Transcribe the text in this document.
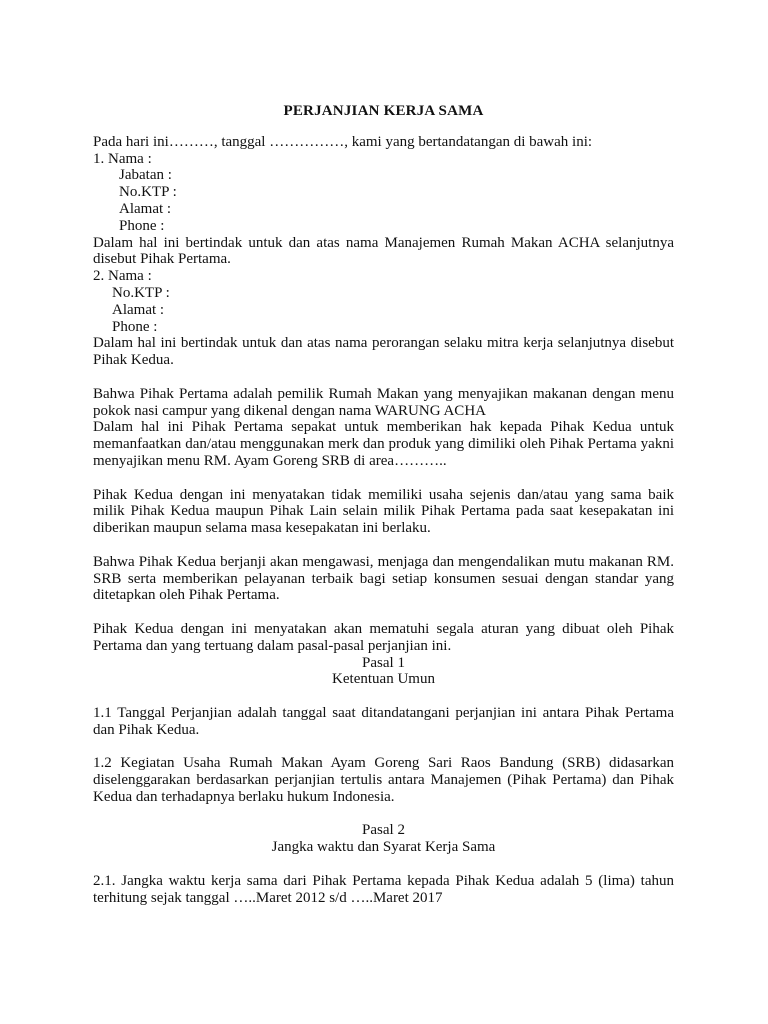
PERJANJIAN KERJA SAMA

Pada hari ini………, tanggal ……………, kami yang bertandatangan di bawah ini:

1. Nama :

Jabatan :

No.KTP :

Alamat :

Phone :

Dalam hal ini bertindak untuk dan atas nama Manajemen Rumah Makan ACHA selanjutnya disebut Pihak Pertama.

2. Nama :

No.KTP :

Alamat :

Phone :

Dalam hal ini bertindak untuk dan atas nama perorangan selaku mitra kerja selanjutnya disebut Pihak Kedua.

Bahwa Pihak Pertama adalah pemilik Rumah Makan yang menyajikan makanan dengan menu pokok nasi campur yang dikenal dengan nama WARUNG ACHA

Dalam hal ini Pihak Pertama sepakat untuk memberikan hak kepada Pihak Kedua untuk memanfaatkan dan/atau menggunakan merk dan produk yang dimiliki oleh Pihak Pertama yakni menyajikan menu RM. Ayam Goreng SRB di area………..

Pihak Kedua dengan ini menyatakan tidak memiliki usaha sejenis dan/atau yang sama baik milik Pihak Kedua maupun Pihak Lain selain milik Pihak Pertama pada saat kesepakatan ini diberikan maupun selama masa kesepakatan ini berlaku.

Bahwa Pihak Kedua berjanji akan mengawasi, menjaga dan mengendalikan mutu makanan RM. SRB serta memberikan pelayanan terbaik bagi setiap konsumen sesuai dengan standar yang ditetapkan oleh Pihak Pertama.

Pihak Kedua dengan ini menyatakan akan mematuhi segala aturan yang dibuat oleh Pihak Pertama dan yang tertuang dalam pasal-pasal perjanjian ini.

Pasal 1

Ketentuan Umun

1.1 Tanggal Perjanjian adalah tanggal saat ditandatangani perjanjian ini antara Pihak Pertama dan Pihak Kedua.

1.2 Kegiatan Usaha Rumah Makan Ayam Goreng Sari Raos Bandung (SRB) didasarkan diselenggarakan berdasarkan perjanjian tertulis antara Manajemen (Pihak Pertama) dan Pihak Kedua dan terhadapnya berlaku hukum Indonesia.

Pasal 2

Jangka waktu dan Syarat Kerja Sama

2.1. Jangka waktu kerja sama dari Pihak Pertama kepada Pihak Kedua adalah 5 (lima) tahun terhitung sejak tanggal …..Maret 2012 s/d …..Maret 2017
